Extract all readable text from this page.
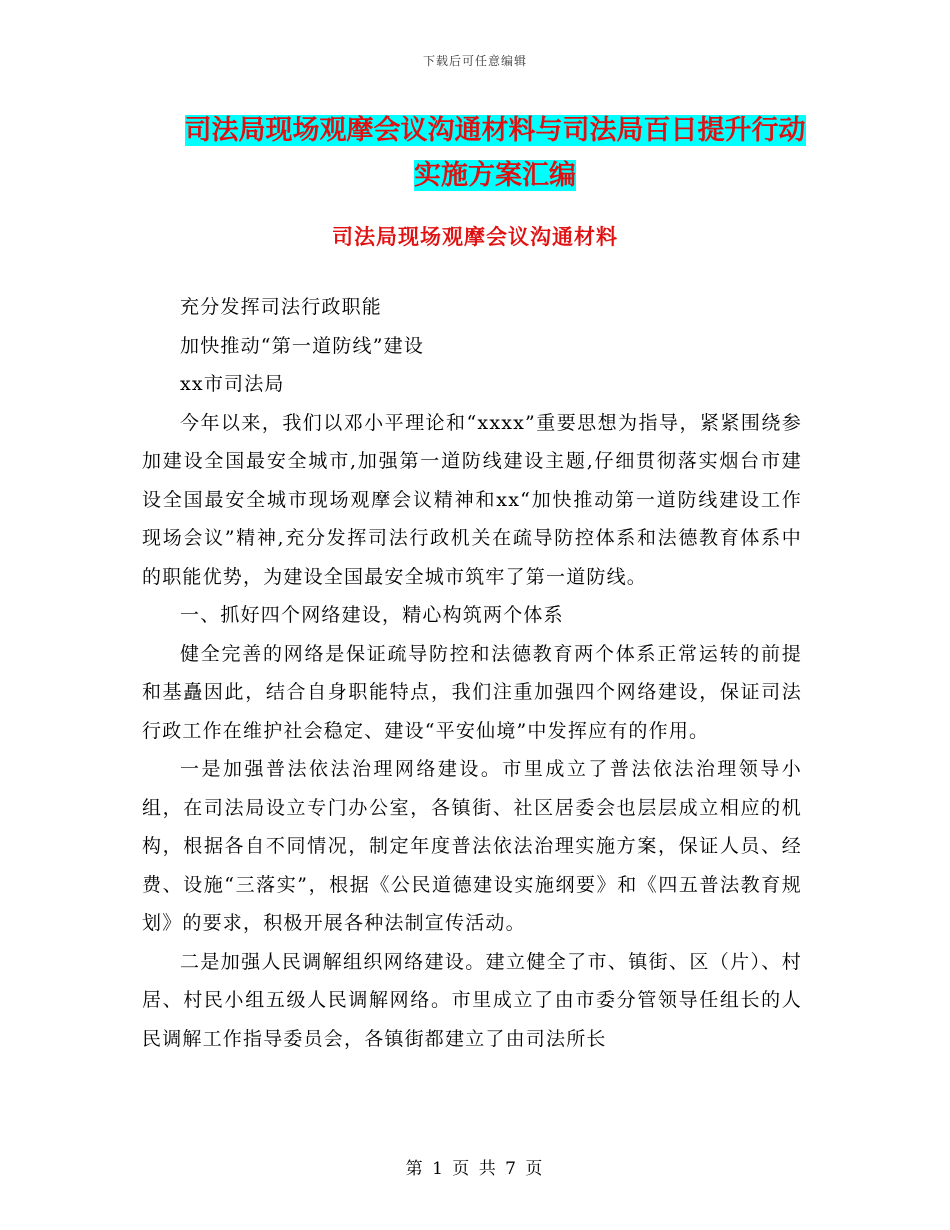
下载后可任意编辑
司法局现场观摩会议沟通材料与司法局百日提升行动
实施方案汇编
司法局现场观摩会议沟通材料

充分发挥司法行政职能

加快推动“第一道防线”建设

xx市司法局

今年以来，我们以邓小平理论和“xxxx”重要思想为指导，紧紧围绕参加建设全国最安全城市,加强第一道防线建设主题,仔细贯彻落实烟台市建设全国最安全城市现场观摩会议精神和xx“加快推动第一道防线建设工作现场会议”精神,充分发挥司法行政机关在疏导防控体系和法德教育体系中的职能优势，为建设全国最安全城市筑牢了第一道防线。

一、抓好四个网络建设，精心构筑两个体系

健全完善的网络是保证疏导防控和法德教育两个体系正常运转的前提和基矗因此，结合自身职能特点，我们注重加强四个网络建设，保证司法行政工作在维护社会稳定、建设“平安仙境”中发挥应有的作用。

一是加强普法依法治理网络建设。市里成立了普法依法治理领导小组，在司法局设立专门办公室，各镇街、社区居委会也层层成立相应的机构，根据各自不同情况，制定年度普法依法治理实施方案，保证人员、经费、设施“三落实”，根据《公民道德建设实施纲要》和《四五普法教育规划》的要求，积极开展各种法制宣传活动。

二是加强人民调解组织网络建设。建立健全了市、镇街、区（片）、村居、村民小组五级人民调解网络。市里成立了由市委分管领导任组长的人民调解工作指导委员会，各镇街都建立了由司法所长

第 1 页 共 7 页
